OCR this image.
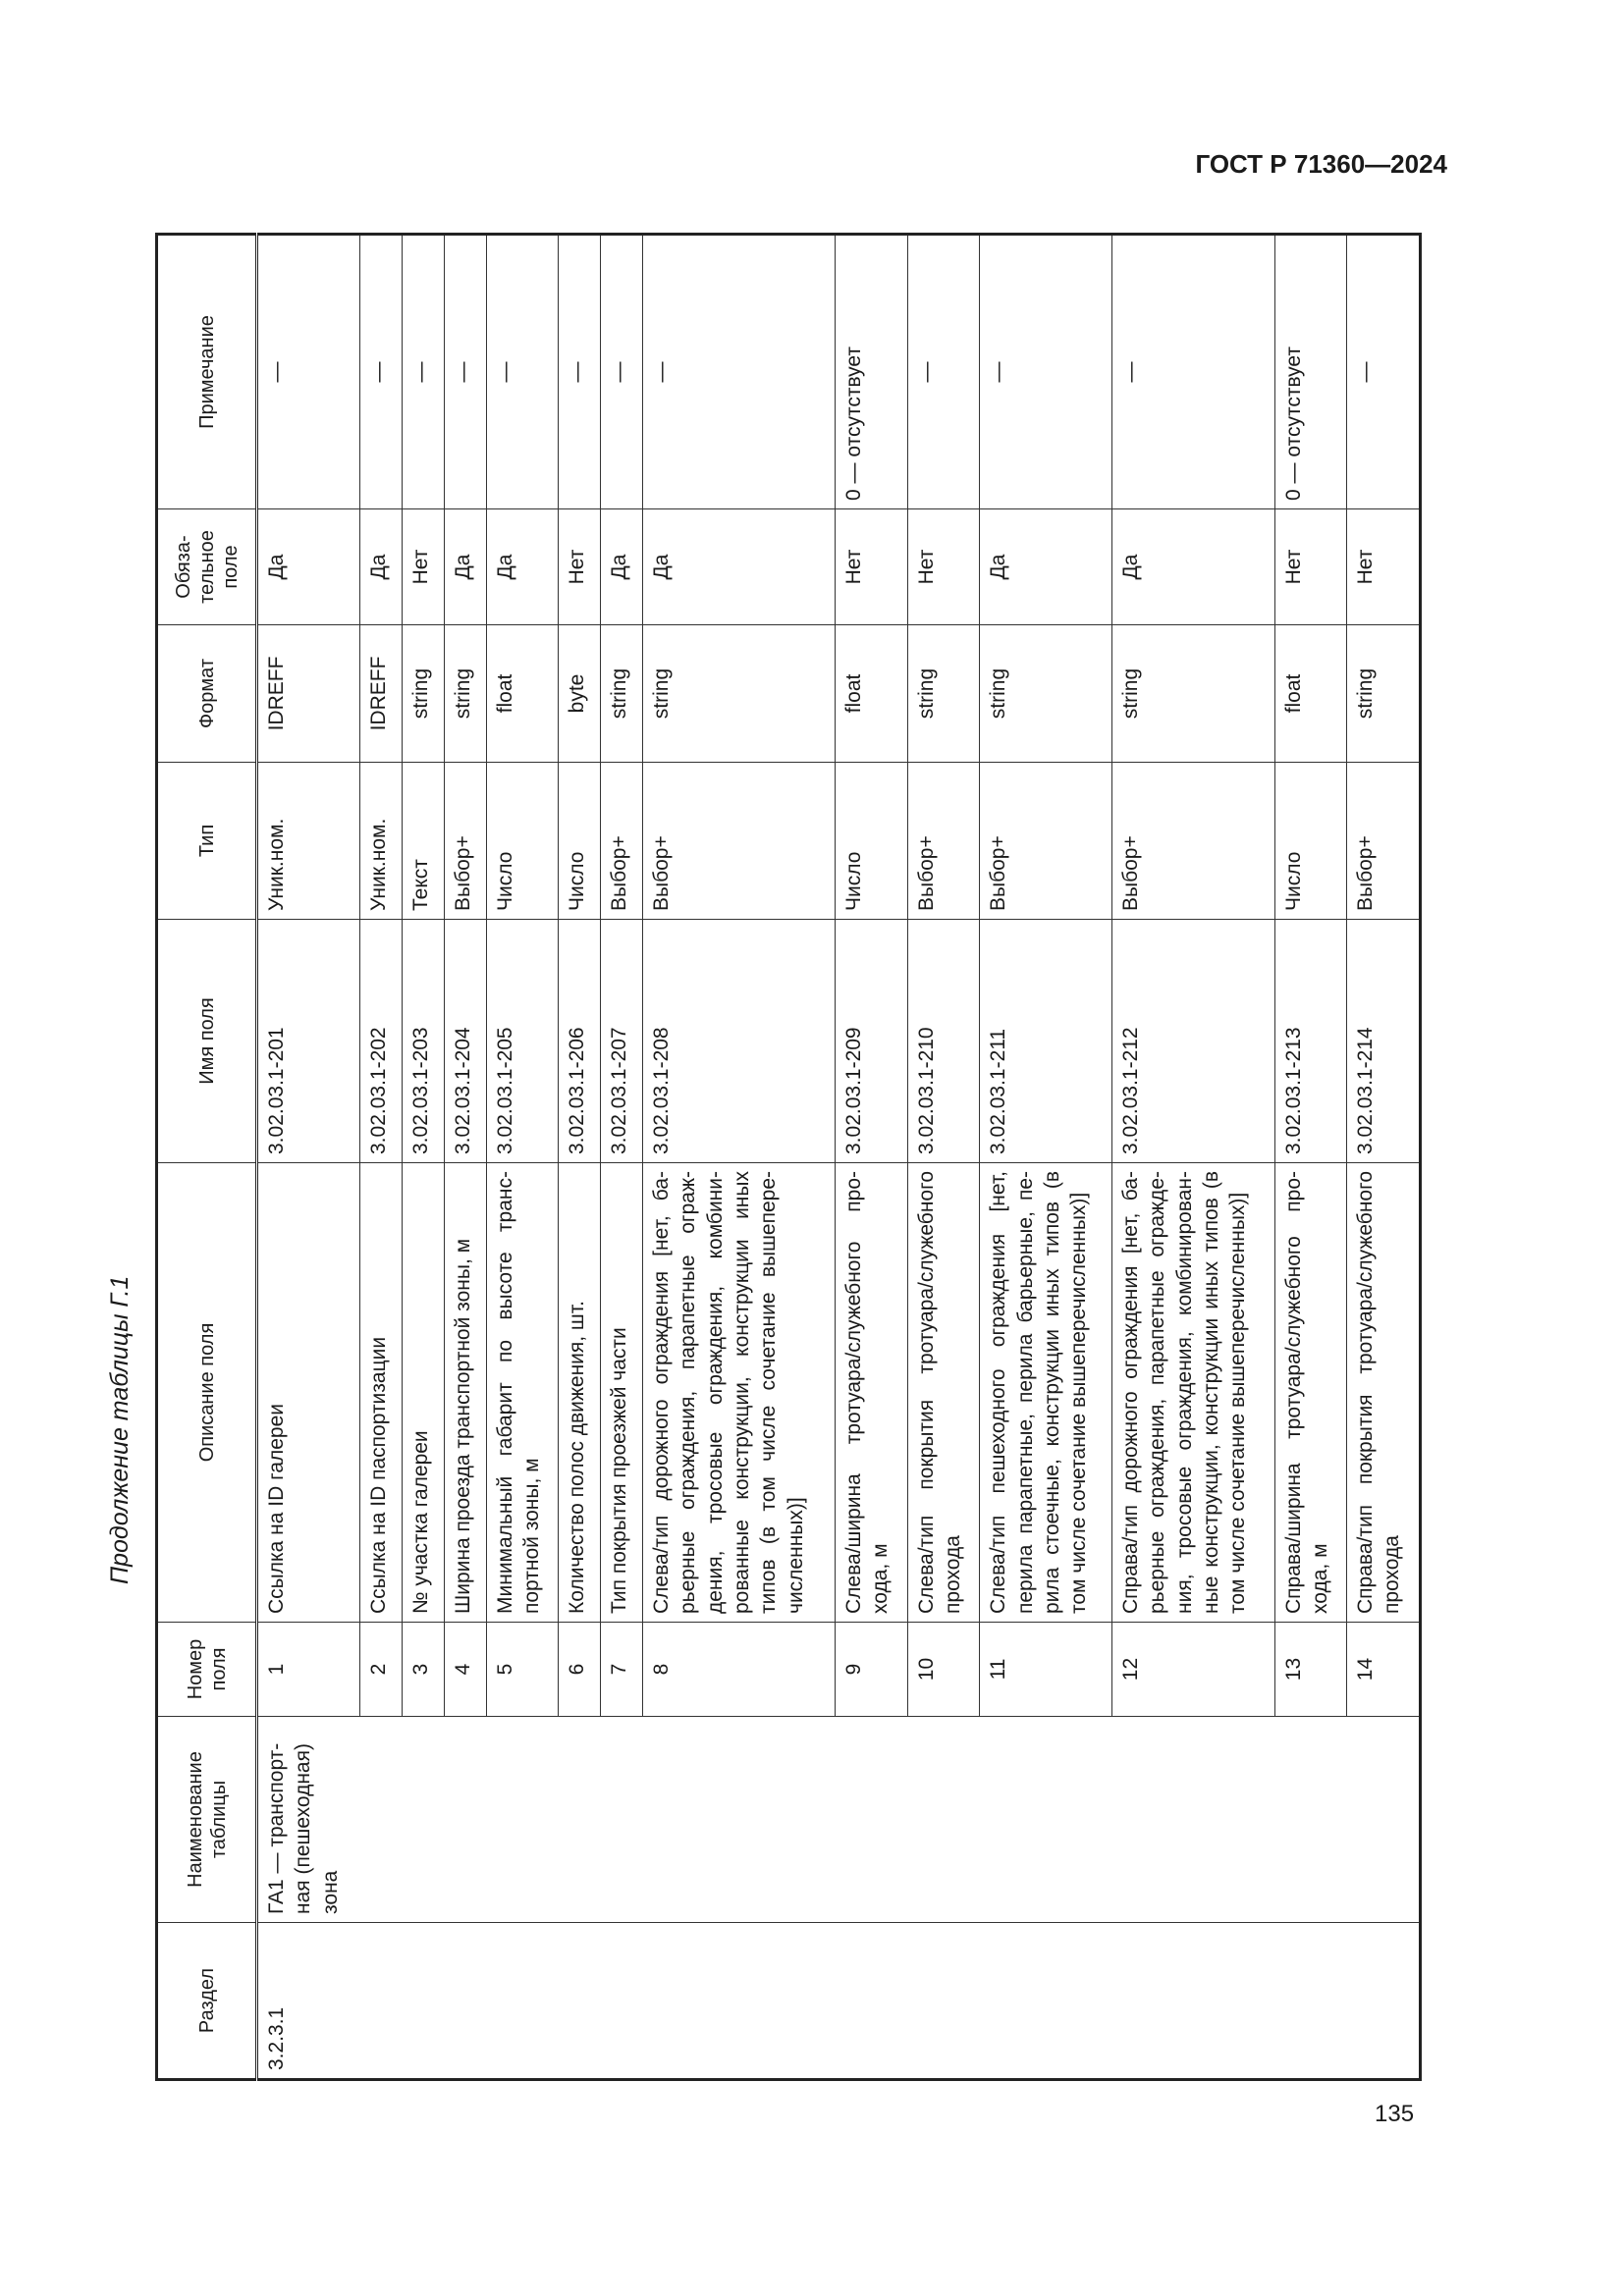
ГОСТ Р 71360—2024
Продолжение таблицы Г.1
Раздел	Наименование таблицы	Номер поля	Описание поля	Имя поля	Тип	Формат	Обяза-тельное поле	Примечание
3.2.3.1	ГА1 — транспорт-ная (пешеходная) зона	1	Ссылка на ID галереи	3.02.03.1-201	Уник.ном.	IDREFF	Да	—
		2	Ссылка на ID паспортизации	3.02.03.1-202	Уник.ном.	IDREFF	Да	—
		3	№ участка галереи	3.02.03.1-203	Текст	string	Нет	—
		4	Ширина проезда транспортной зоны, м	3.02.03.1-204	Выбор+	string	Да	—
		5	Минимальный габарит по высоте транс-портной зоны, м	3.02.03.1-205	Число	float	Да	—
		6	Количество полос движения, шт.	3.02.03.1-206	Число	byte	Нет	—
		7	Тип покрытия проезжей части	3.02.03.1-207	Выбор+	string	Да	—
		8	Слева/тип дорожного ограждения [нет, ба-рьерные ограждения, парапетные ограж-дения, тросовые ограждения, комбини-рованные конструкции, конструкции иных типов (в том числе сочетание вышепере-численных)]	3.02.03.1-208	Выбор+	string	Да	—
		9	Слева/ширина тротуара/служебного про-хода, м	3.02.03.1-209	Число	float	Нет	0 — отсутствует
		10	Слева/тип покрытия тротуара/служебного прохода	3.02.03.1-210	Выбор+	string	Нет	—
		11	Слева/тип пешеходного ограждения [нет, перила парапетные, перила барьерные, пе-рила стоечные, конструкции иных типов (в том числе сочетание вышеперечисленных)]	3.02.03.1-211	Выбор+	string	Да	—
		12	Справа/тип дорожного ограждения [нет, ба-рьерные ограждения, парапетные огражде-ния, тросовые ограждения, комбинирован-ные конструкции, конструкции иных типов (в том числе сочетание вышеперечисленных)]	3.02.03.1-212	Выбор+	string	Да	—
		13	Справа/ширина тротуара/служебного про-хода, м	3.02.03.1-213	Число	float	Нет	0 — отсутствует
		14	Справа/тип покрытия тротуара/служебного прохода	3.02.03.1-214	Выбор+	string	Нет	—
135
